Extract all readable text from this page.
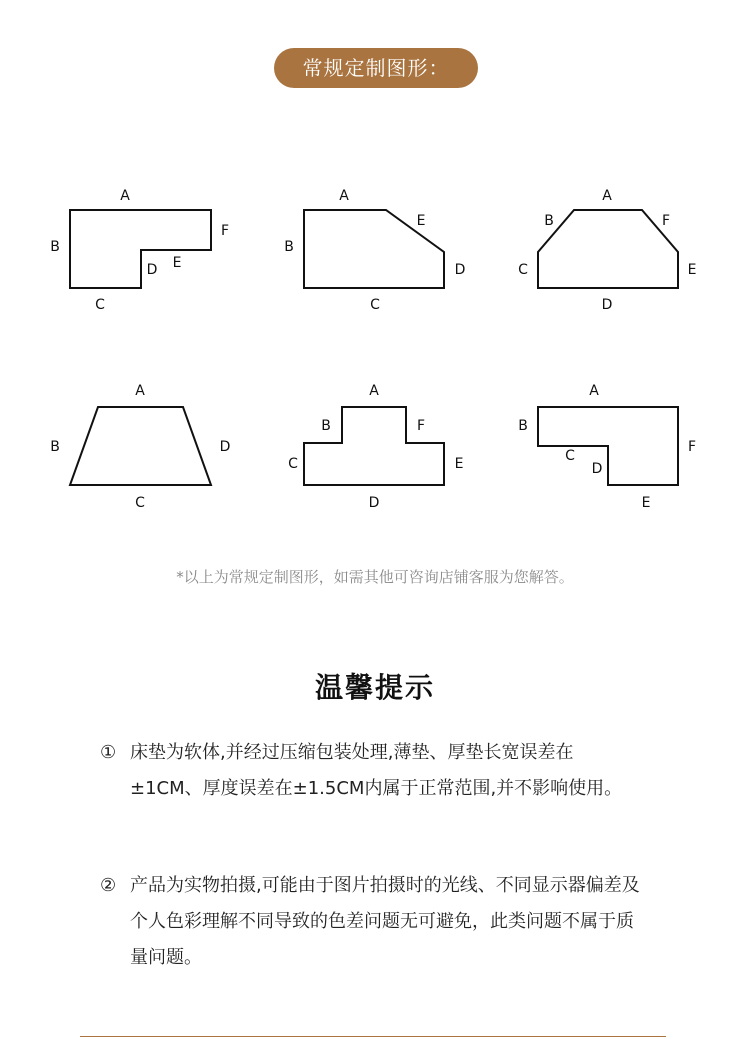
常规定制图形：
A
B
C
D E
F
A
B
C
D
E
A
B
C
D
E
F
A
B
C
D
A
B
C
D
E
F
A
B
C
D
E
F
*以上为常规定制图形，如需其他可咨询店铺客服为您解答。
温馨提示
① 床垫为软体,并经过压缩包装处理,薄垫、厚垫长宽误差在±1CM、厚度误差在±1.5CM内属于正常范围,并不影响使用。
② 产品为实物拍摄,可能由于图片拍摄时的光线、不同显示器偏差及个人色彩理解不同导致的色差问题无可避免，此类问题不属于质量问题。
